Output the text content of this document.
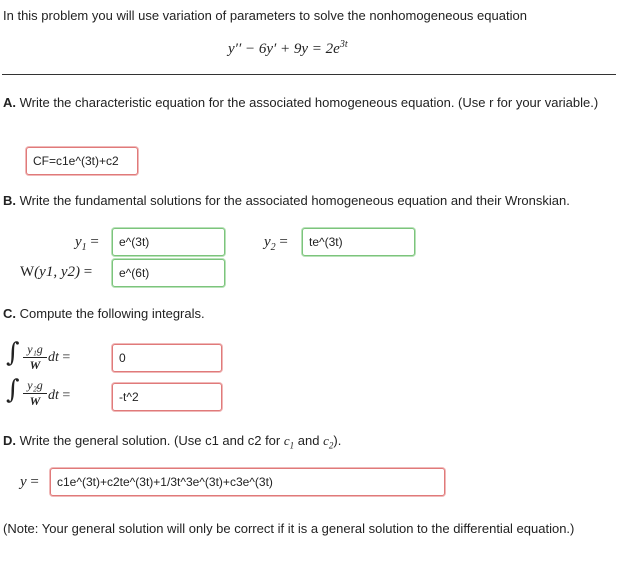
In this problem you will use variation of parameters to solve the nonhomogeneous equation
$y'' - 6y' + 9y = 2e^{3t}$
A. Write the characteristic equation for the associated homogeneous equation. (Use r for your variable.)
CF=c1e^(3t)+c2
B. Write the fundamental solutions for the associated homogeneous equation and their Wronskian.
$y_1$ =	e^(3t)	$y_2$ =	te^(3t)
W(y1, y2) =	e^(6t)
C. Compute the following integrals.
∫ y₁g
W dt =	0
∫ y₂g
W dt =	-t^2
D. Write the general solution. (Use c1 and c2 for $c_1$ and $c_2$).
y =	c1e^(3t)+c2te^(3t)+1/3t^3e^(3t)+c3e^(3t)
(Note: Your general solution will only be correct if it is a general solution to the differential equation.)
